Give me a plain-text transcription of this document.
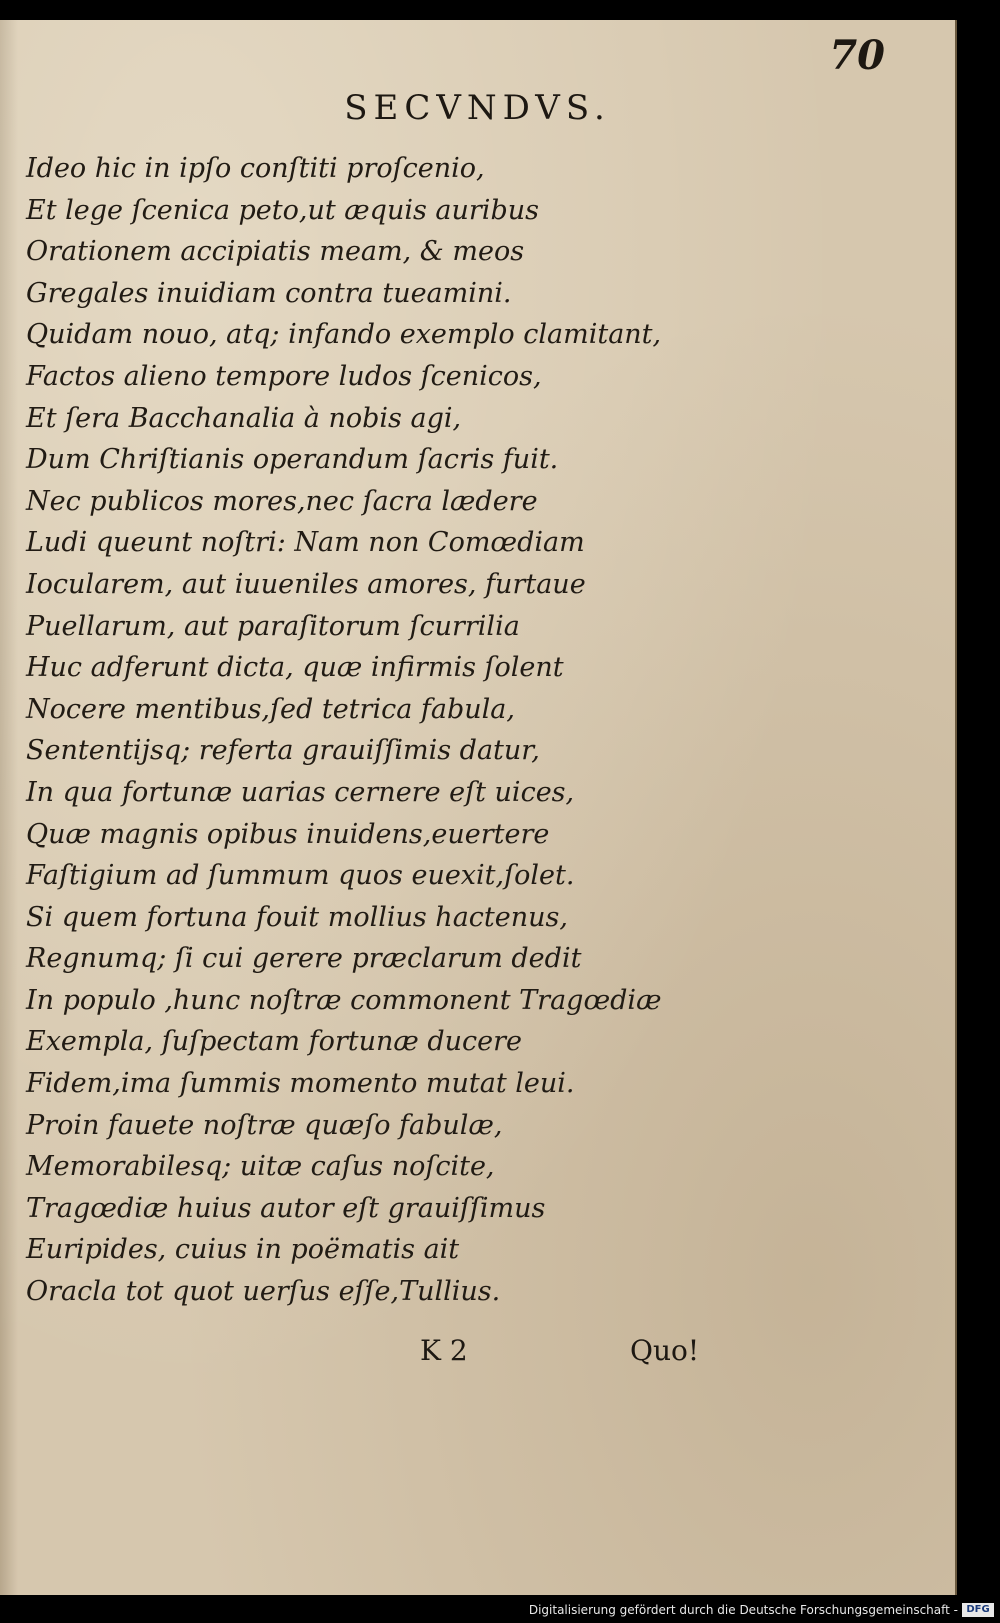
70
SECVNDVS.
Ideo hic in ipſo conſtiti proſcenio,
Et lege ſcenica peto,ut æquis auribus
Orationem accipiatis meam, & meos
Gregales inuidiam contra tueamini.
Quidam nouo, atq; infando exemplo clamitant,
Factos alieno tempore ludos ſcenicos,
Et ſera Bacchanalia à nobis agi,
Dum Chriſtianis operandum ſacris fuit.
Nec publicos mores,nec ſacra lædere
Ludi queunt noſtri: Nam non Comœdiam
Iocularem, aut iuueniles amores, furtaue
Puellarum, aut paraſitorum ſcurrilia
Huc adferunt dicta, quæ infirmis ſolent
Nocere mentibus,ſed tetrica fabula,
Sententijsq; referta grauiſſimis datur,
In qua fortunæ uarias cernere eſt uices,
Quæ magnis opibus inuidens,euertere
Faſtigium ad ſummum quos euexit,ſolet.
Si quem fortuna fouit mollius hactenus,
Regnumq; ſi cui gerere præclarum dedit
In populo ,hunc noſtræ commonent Tragœdiæ
Exempla, ſuſpectam fortunæ ducere
Fidem,ima ſummis momento mutat leui.
Proin fauete noſtræ quæſo fabulæ,
Memorabilesq; uitæ caſus noſcite,
Tragœdiæ huius autor eſt grauiſſimus
Euripides, cuius in poëmatis ait
Oracla tot quot uerſus eſſe,Tullius.
K 2	Quo!
Digitalisierung gefördert durch die Deutsche Forschungsgemeinschaft - DFG
